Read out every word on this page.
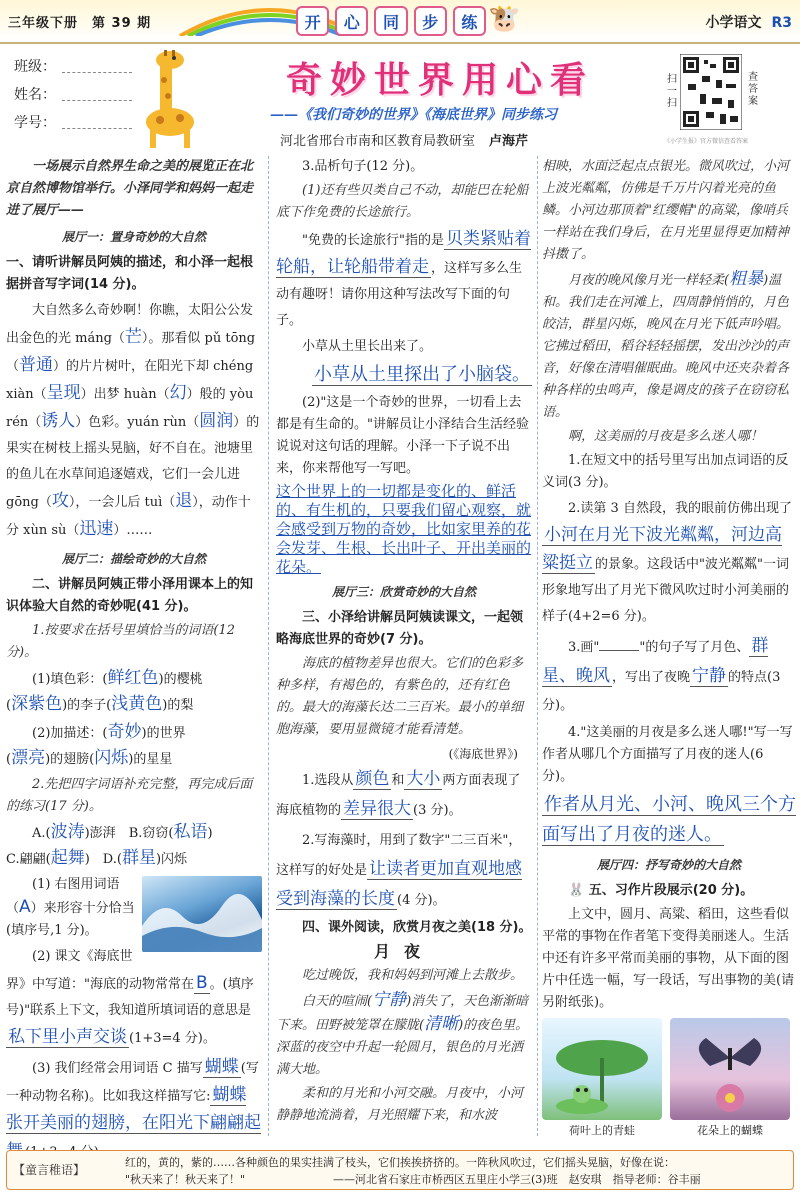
三年级下册　第 39 期	开	心	同	步	练 🐮	小学语文 R3
班级：
姓名：
学号：
奇妙世界用心看
——《我们奇妙的世界》《海底世界》同步练习
河北省邢台市南和区教育局教研室 卢海芹
扫一扫
查答案
《小学生报》官方微信查看答案

一场展示自然界生命之美的展览正在北京自然博物馆举行。小泽同学和妈妈一起走进了展厅——

展厅一：置身奇妙的大自然

一、请听讲解员阿姨的描述，和小泽一起根据拼音写字词(14 分)。

大自然多么奇妙啊！你瞧，太阳公公发出金色的光 máng（芒）。那看似 pǔ tōng（普通）的片片树叶，在阳光下却 chéng xiàn（呈现）出梦 huàn（幻）般的 yòu rén（诱人）色彩。yuán rùn（圆润）的果实在树枝上摇头晃脑，好不自在。池塘里的鱼儿在水草间追逐嬉戏，它们一会儿进 gōng（攻），一会儿后 tuì（退），动作十分 xùn sù（迅速）……

展厅二：描绘奇妙的大自然

二、讲解员阿姨正带小泽用课本上的知识体验大自然的奇妙呢(41 分)。

1.按要求在括号里填恰当的词语(12 分)。

(1)填色彩：(鲜红色)的樱桃
(深紫色)的李子(浅黄色)的梨

(2)加描述：(奇妙)的世界
(漂亮)的翅膀(闪烁)的星星

2.先把四字词语补充完整，再完成后面的练习(17 分)。

A.(波涛)澎湃　 B.窃窃(私语)
C.翩翩(起舞)　 D.(群星)闪烁

(1) 右图用词语（A）来形容十分恰当(填序号,1 分)。

(2) 课文《海底世界》中写道："海底的动物常常在 B 。(填序号)"联系上下文，我知道所填词语的意思是私下里小声交谈 (1+3=4 分)。

(3) 我们经常会用词语 C 描写 蝴蝶 (写一种动物名称)。比如我这样描写它: 蝴蝶张开美丽的翅膀，在阳光下翩翩起

3.品析句子(12 分)。

(1)还有些贝类自己不动，却能巴在轮船底下作免费的长途旅行。

"免费的长途旅行"指的是 贝类紧贴着轮船，让轮船带着走 ，这样写多么生动有趣呀！请你用这种写法改写下面的句子。

小草从土里长出来了。

小草从土里探出了小脑袋。

(2)"这是一个奇妙的世界，一切看上去都是有生命的。"讲解员让小泽结合生活经验说说对这句话的理解。小泽一下子说不出来，你来帮他写一写吧。

这个世界上的一切都是变化的、鲜活的、有生机的，只要我们留心观察，就会感受到万物的奇妙，比如家里养的花会发芽、生根、长出叶子、开出美丽的花朵。

展厅三：欣赏奇妙的大自然

三、小泽给讲解员阿姨读课文，一起领略海底世界的奇妙(7 分)。

海底的植物差异也很大。它们的色彩多种多样，有褐色的，有紫色的，还有红色的。最大的海藻长达二三百米。最小的单细胞海藻，要用显微镜才能看清楚。

(《海底世界》)

1.选段从 颜色 和 大小 两方面表现了海底植物的 差异很大 (3 分)。

2.写海藻时，用到了数字"二三百米"，这样写的好处是 让读者更加直观地感受到海藻的长度 (4 分)。

四、课外阅读，欣赏月夜之美(18 分)。

月夜

吃过晚饭，我和妈妈到河滩上去散步。

白天的喧闹(宁静)消失了，天色渐渐暗下来。田野被笼罩在朦胧(清晰)的夜色里。深蓝的夜空中升起一轮圆月，银色的月光洒满大地。

柔和的月光和小河交融。月夜中，小河静静地流淌着，月光照耀下来，和水波

相映，水面泛起点点银光。微风吹过，小河上波光粼粼，仿佛是千万片闪着光亮的鱼鳞。小河边那顶着"红缨帽"的高粱，像哨兵一样站在我们身后，在月光里显得更加精神抖擞了。

月夜的晚风像月光一样轻柔(粗暴)温和。我们走在河滩上，四周静悄悄的，月色皎洁，群星闪烁，晚风在月光下低声吟唱。它拂过稻田，稻谷轻轻摇摆，发出沙沙的声音，好像在清唱催眠曲。晚风中还夹杂着各种各样的虫鸣声，像是调皮的孩子在窃窃私语。

啊，这美丽的月夜是多么迷人哪！

1.在短文中的括号里写出加点词语的反义词(3 分)。

2.读第 3 自然段，我的眼前仿佛出现了小河在月光下波光粼粼，河边高粱挺立 的景象。这段话中"波光粼粼"一词形象地写出了月光下微风吹过时小河美丽的样子(4+2=6 分)。

3.画"	"的句子写了月色、 群星、晚风 ，写出了夜晚 宁静 的特点(3 分)。

4."这美丽的月夜是多么迷人哪!"写一写作者从哪几个方面描写了月夜的迷人(6 分)。

作者从月光、小河、晚风三个方面写出了月夜的迷人。

展厅四：抒写奇妙的大自然

🐰 五、习作片段展示(20 分)。

上文中，圆月、高粱、稻田，这些看似平常的事物在作者笔下变得美丽迷人。生活中还有许多平常而美丽的事物，从下面的图片中任选一幅，写一段话，写出事物的美(请另附纸张)。

荷叶上的青蛙	花朵上的蝴蝶
【童言稚语】
红的，黄的，紫的……各种颜色的果实挂满了枝头，它们挨挨挤挤的。一阵秋风吹过，它们摇头晃脑，好像在说：
"秋天来了！秋天来了！"	——河北省石家庄市桥西区五里庄小学三(3)班　赵安琪　指导老师：谷丰丽
